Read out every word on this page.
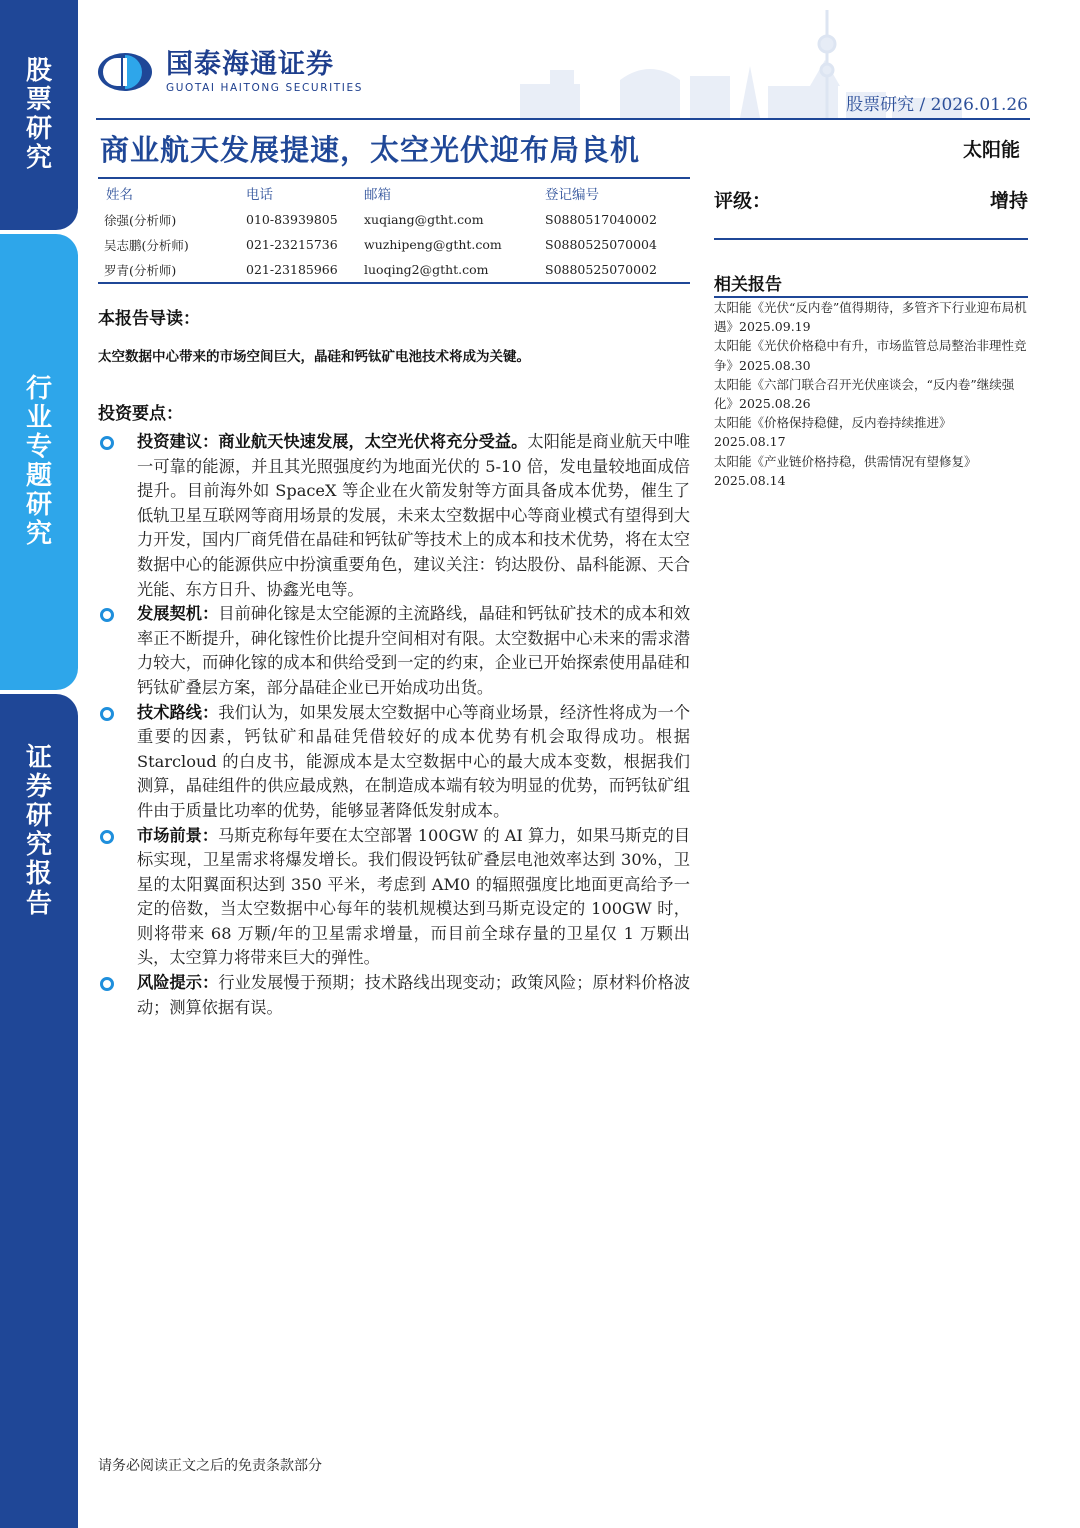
股
票
研
究
行
业
专
题
研
究
证
券
研
究
报
告
国泰海通证券
GUOTAI HAITONG SECURITIES
股票研究 / 2026.01.26
商业航天发展提速，太空光伏迎布局良机	太阳能
姓名	电话	邮箱	登记编号
徐强(分析师)	010-83939805	xuqiang@gtht.com	S0880517040002
吴志鹏(分析师)	021-23215736	wuzhipeng@gtht.com	S0880525070004
罗青(分析师)	021-23185966	luoqing2@gtht.com	S0880525070002
评级：	增持
相关报告

太阳能《光伏“反内卷”值得期待，多管齐下行业迎布局机遇》2025.09.19

太阳能《光伏价格稳中有升，市场监管总局整治非理性竞争》2025.08.30

太阳能《六部门联合召开光伏座谈会，“反内卷”继续强化》2025.08.26

太阳能《价格保持稳健，反内卷持续推进》
2025.08.17

太阳能《产业链价格持稳，供需情况有望修复》
2025.08.14

本报告导读：
太空数据中心带来的市场空间巨大，晶硅和钙钛矿电池技术将成为关键。
投资要点：
投资建议：商业航天快速发展，太空光伏将充分受益。太阳能是商业航天中唯一可靠的能源，并且其光照强度约为地面光伏的 5-10 倍，发电量较地面成倍提升。目前海外如 SpaceX 等企业在火箭发射等方面具备成本优势，催生了低轨卫星互联网等商用场景的发展，未来太空数据中心等商业模式有望得到大力开发，国内厂商凭借在晶硅和钙钛矿等技术上的成本和技术优势，将在太空数据中心的能源供应中扮演重要角色，建议关注：钧达股份、晶科能源、天合光能、东方日升、协鑫光电等。
发展契机：目前砷化镓是太空能源的主流路线，晶硅和钙钛矿技术的成本和效率正不断提升，砷化镓性价比提升空间相对有限。太空数据中心未来的需求潜力较大，而砷化镓的成本和供给受到一定的约束，企业已开始探索使用晶硅和钙钛矿叠层方案，部分晶硅企业已开始成功出货。
技术路线：我们认为，如果发展太空数据中心等商业场景，经济性将成为一个重要的因素，钙钛矿和晶硅凭借较好的成本优势有机会取得成功。根据 Starcloud 的白皮书，能源成本是太空数据中心的最大成本变数，根据我们测算，晶硅组件的供应最成熟，在制造成本端有较为明显的优势，而钙钛矿组件由于质量比功率的优势，能够显著降低发射成本。
市场前景：马斯克称每年要在太空部署 100GW 的 AI 算力，如果马斯克的目标实现，卫星需求将爆发增长。我们假设钙钛矿叠层电池效率达到 30%，卫星的太阳翼面积达到 350 平米，考虑到 AM0 的辐照强度比地面更高给予一定的倍数，当太空数据中心每年的装机规模达到马斯克设定的 100GW 时，则将带来 68 万颗/年的卫星需求增量，而目前全球存量的卫星仅 1 万颗出头，太空算力将带来巨大的弹性。
风险提示：行业发展慢于预期；技术路线出现变动；政策风险；原材料价格波动；测算依据有误。
请务必阅读正文之后的免责条款部分
